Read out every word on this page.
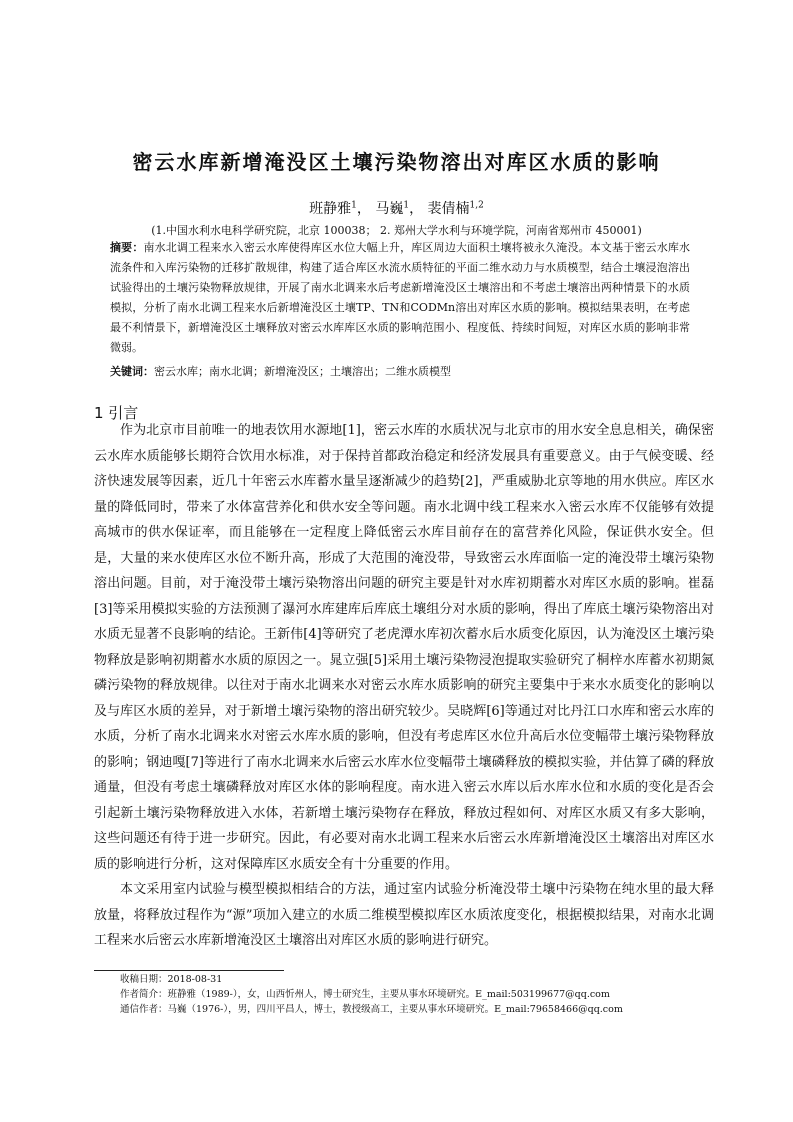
密云水库新增淹没区土壤污染物溶出对库区水质的影响
班静雅$^1$， 马巍$^1$， 裴倩楠$^{1,2}$
(1.中国水利水电科学研究院，北京 100038； 2. 郑州大学水利与环境学院，河南省郑州市 450001)
摘要：南水北调工程来水入密云水库使得库区水位大幅上升，库区周边大面积土壤将被永久淹没。本文基于密云水库水流条件和入库污染物的迁移扩散规律，构建了适合库区水流水质特征的平面二维水动力与水质模型，结合土壤浸泡溶出试验得出的土壤污染物释放规律，开展了南水北调来水后考虑新增淹没区土壤溶出和不考虑土壤溶出两种情景下的水质模拟，分析了南水北调工程来水后新增淹没区土壤TP、TN和CODMn溶出对库区水质的影响。模拟结果表明，在考虑最不利情景下，新增淹没区土壤释放对密云水库库区水质的影响范围小、程度低、持续时间短，对库区水质的影响非常微弱。
关键词：密云水库；南水北调；新增淹没区；土壤溶出；二维水质模型
1 引言

作为北京市目前唯一的地表饮用水源地[1]，密云水库的水质状况与北京市的用水安全息息相关，确保密云水库水质能够长期符合饮用水标准，对于保持首都政治稳定和经济发展具有重要意义。由于气候变暖、经济快速发展等因素，近几十年密云水库蓄水量呈逐渐减少的趋势[2]，严重威胁北京等地的用水供应。库区水量的降低同时，带来了水体富营养化和供水安全等问题。南水北调中线工程来水入密云水库不仅能够有效提高城市的供水保证率，而且能够在一定程度上降低密云水库目前存在的富营养化风险，保证供水安全。但是，大量的来水使库区水位不断升高，形成了大范围的淹没带，导致密云水库面临一定的淹没带土壤污染物溶出问题。目前，对于淹没带土壤污染物溶出问题的研究主要是针对水库初期蓄水对库区水质的影响。崔磊[3]等采用模拟实验的方法预测了瀑河水库建库后库底土壤组分对水质的影响，得出了库底土壤污染物溶出对水质无显著不良影响的结论。王新伟[4]等研究了老虎潭水库初次蓄水后水质变化原因，认为淹没区土壤污染物释放是影响初期蓄水水质的原因之一。晁立强[5]采用土壤污染物浸泡提取实验研究了桐梓水库蓄水初期氮磷污染物的释放规律。以往对于南水北调来水对密云水库水质影响的研究主要集中于来水水质变化的影响以及与库区水质的差异，对于新增土壤污染物的溶出研究较少。吴晓辉[6]等通过对比丹江口水库和密云水库的水质，分析了南水北调来水对密云水库水质的影响，但没有考虑库区水位升高后水位变幅带土壤污染物释放的影响；钢迪嘎[7]等进行了南水北调来水后密云水库水位变幅带土壤磷释放的模拟实验，并估算了磷的释放通量，但没有考虑土壤磷释放对库区水体的影响程度。南水进入密云水库以后水库水位和水质的变化是否会引起新土壤污染物释放进入水体，若新增土壤污染物存在释放，释放过程如何、对库区水质又有多大影响，这些问题还有待于进一步研究。因此，有必要对南水北调工程来水后密云水库新增淹没区土壤溶出对库区水质的影响进行分析，这对保障库区水质安全有十分重要的作用。

本文采用室内试验与模型模拟相结合的方法，通过室内试验分析淹没带土壤中污染物在纯水里的最大释放量，将释放过程作为“源”项加入建立的水质二维模型模拟库区水质浓度变化，根据模拟结果，对南水北调工程来水后密云水库新增淹没区土壤溶出对库区水质的影响进行研究。

收稿日期：2018-08-31
作者简介：班静雅（1989-），女，山西忻州人，博士研究生，主要从事水环境研究。E_mail:503199677@qq.com
通信作者：马巍（1976-），男，四川平昌人，博士，教授级高工，主要从事水环境研究。E_mail:79658466@qq.com
